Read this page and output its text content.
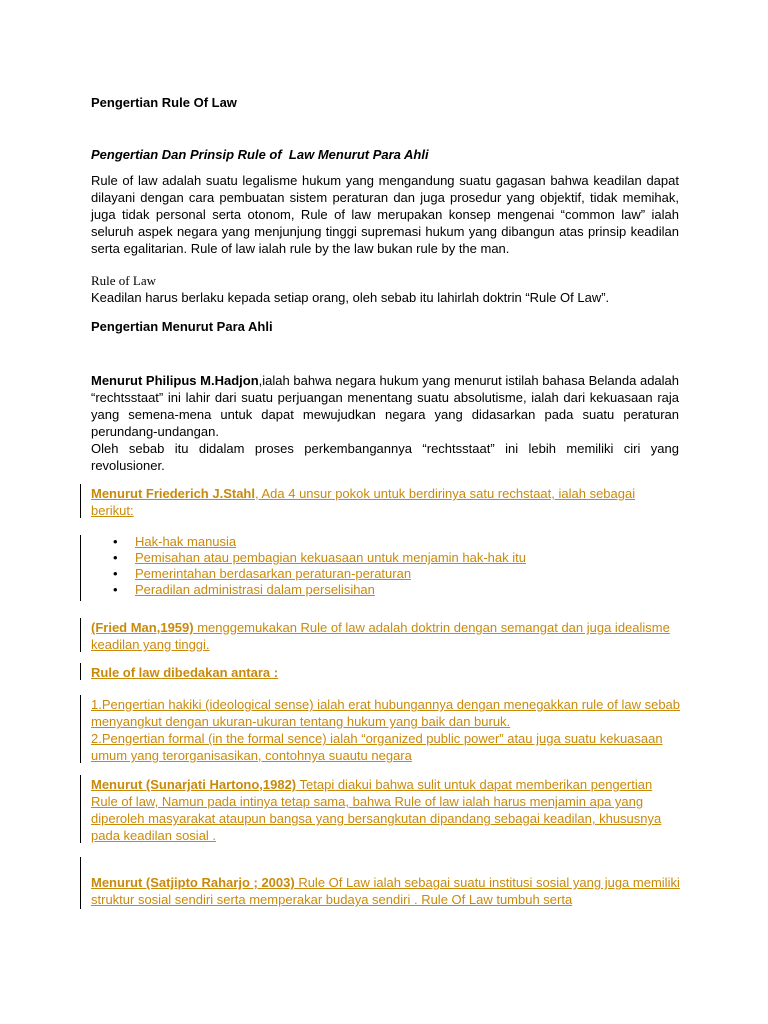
Pengertian Rule Of Law

Pengertian Dan Prinsip Rule of  Law Menurut Para Ahli

Rule of law adalah suatu legalisme hukum yang mengandung suatu gagasan bahwa keadilan dapat dilayani dengan cara pembuatan sistem peraturan dan juga prosedur yang objektif, tidak memihak, juga tidak personal serta otonom, Rule of law merupakan konsep mengenai “common law” ialah seluruh aspek negara yang menjunjung tinggi supremasi hukum yang dibangun atas prinsip keadilan serta egalitarian. Rule of law ialah rule by the law bukan rule by the man.

Rule of Law

Keadilan harus berlaku kepada setiap orang, oleh sebab itu lahirlah doktrin “Rule Of Law”.

Pengertian Menurut Para Ahli

Menurut Philipus M.Hadjon,ialah bahwa negara hukum yang menurut istilah bahasa Belanda adalah “rechtsstaat” ini lahir dari suatu perjuangan menentang suatu absolutisme, ialah dari kekuasaan raja yang semena-mena untuk dapat mewujudkan negara yang didasarkan pada suatu peraturan perundang-undangan.
Oleh sebab itu didalam proses perkembangannya “rechtsstaat” ini lebih memiliki ciri yang revolusioner.

Menurut Friederich J.Stahl, Ada 4 unsur pokok untuk berdirinya satu rechstaat, ialah sebagai berikut:

• Hak-hak manusia
• Pemisahan atau pembagian kekuasaan untuk menjamin hak-hak itu
• Pemerintahan berdasarkan peraturan-peraturan
• Peradilan administrasi dalam perselisihan

(Fried Man,1959) menggemukakan Rule of law adalah doktrin dengan semangat dan juga idealisme keadilan yang tinggi.

Rule of law dibedakan antara :

1.Pengertian hakiki (ideological sense) ialah erat hubungannya dengan menegakkan rule of law sebab menyangkut dengan ukuran-ukuran tentang hukum yang baik dan buruk.
2.Pengertian formal (in the formal sence) ialah “organized public power” atau juga suatu kekuasaan umum yang terorganisasikan, contohnya suautu negara

Menurut (Sunarjati Hartono,1982) Tetapi diakui bahwa sulit untuk dapat memberikan pengertian Rule of law, Namun pada intinya tetap sama, bahwa Rule of law ialah harus menjamin apa yang diperoleh masyarakat ataupun bangsa yang bersangkutan dipandang sebagai keadilan, khususnya pada keadilan sosial .

Menurut (Satjipto Raharjo ; 2003) Rule Of Law ialah sebagai suatu institusi sosial yang juga memiliki struktur sosial sendiri serta memperakar budaya sendiri . Rule Of Law tumbuh serta
